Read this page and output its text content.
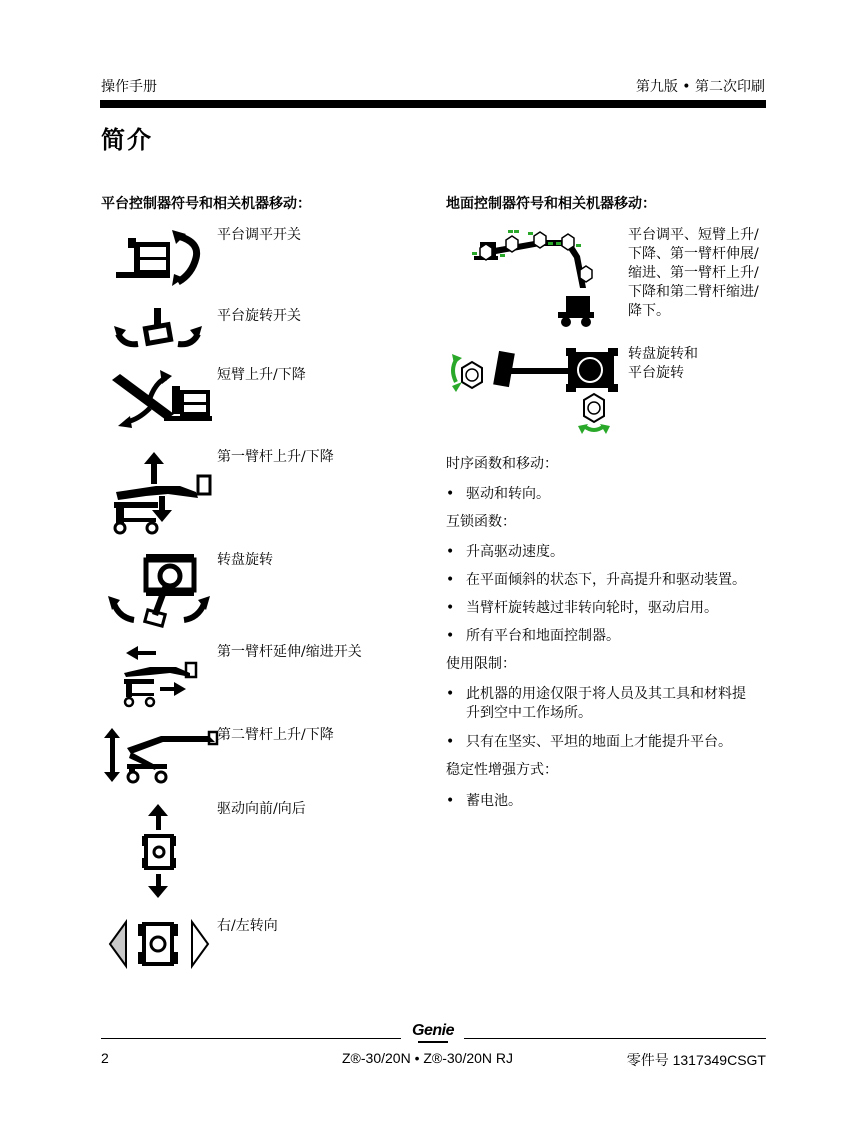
操作手册	第九版 • 第二次印刷
简介
平台控制器符号和相关机器移动：
平台调平开关
平台旋转开关
短臂上升/下降
第一臂杆上升/下降
转盘旋转
第一臂杆延伸/缩进开关
第二臂杆上升/下降
驱动向前/向后
右/左转向
地面控制器符号和相关机器移动：
平台调平、短臂上升/
下降、第一臂杆伸展/
缩进、第一臂杆上升/
下降和第二臂杆缩进/
降下。
转盘旋转和
平台旋转
时序函数和移动：
• 驱动和转向。
互锁函数：
• 升高驱动速度。
• 在平面倾斜的状态下，升高提升和驱动装置。
• 当臂杆旋转越过非转向轮时，驱动启用。
• 所有平台和地面控制器。
使用限制：
• 此机器的用途仅限于将人员及其工具和材料提
升到空中工作场所。
• 只有在坚实、平坦的地面上才能提升平台。
稳定性增强方式：
• 蓄电池。
Genie
2	Z®-30/20N • Z®-30/20N RJ	零件号 1317349CSGT
